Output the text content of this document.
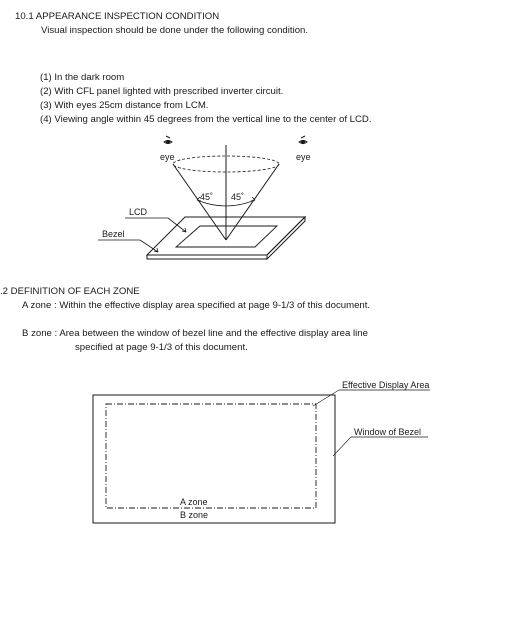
10.1 APPEARANCE INSPECTION CONDITION
Visual inspection should be done under the following condition.
(1) In the dark room
(2) With CFL panel lighted with prescribed inverter circuit.
(3) With eyes 25cm distance from LCM.
(4) Viewing angle within 45 degrees from the vertical line to the center of LCD.
eye	eye
45˚ 45˚
LCD
Bezel
.2 DEFINITION OF EACH ZONE
A zone : Within the effective display area specified at page 9-1/3 of this document.
B zone : Area between the window of bezel line and the effective display area line
specified at page 9-1/3 of this document.
Effective Display Area
Window of Bezel
A zone
B zone
